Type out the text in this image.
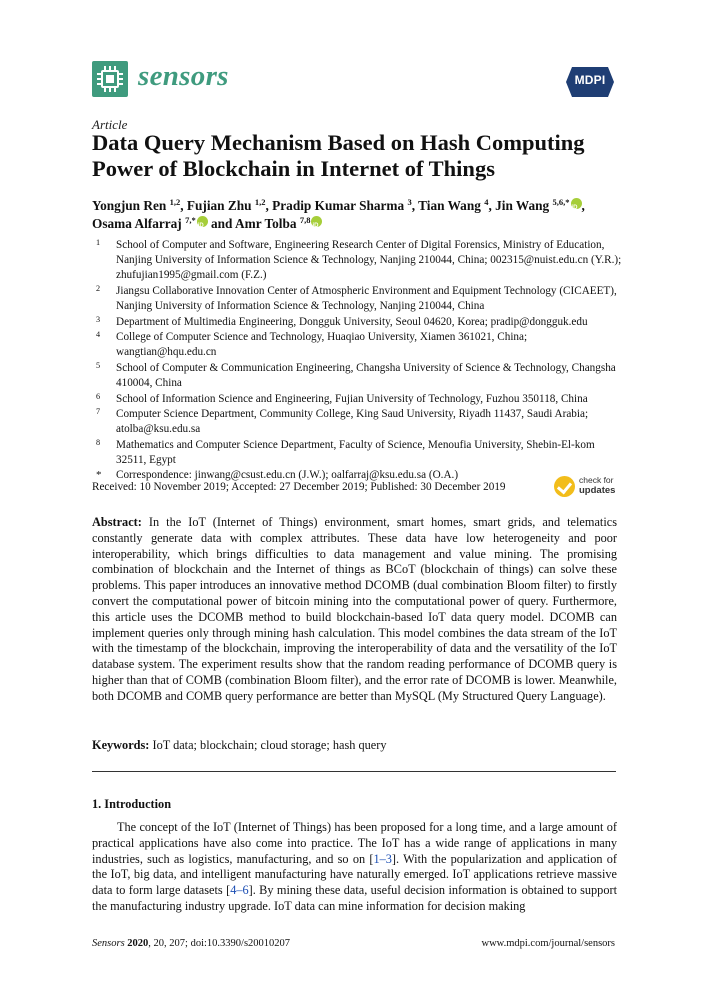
sensors	MDPI
Article
Data Query Mechanism Based on Hash Computing Power of Blockchain in Internet of Things
Yongjun Ren $^{1,2}$, Fujian Zhu $^{1,2}$, Pradip Kumar Sharma $^3$, Tian Wang $^4$, Jin Wang $^{5,6,*}$iD ,
Osama Alfarraj $^{7,*}$iD and Amr Tolba $^{7,8}$iD
1 School of Computer and Software, Engineering Research Center of Digital Forensics, Ministry of Education, Nanjing University of Information Science & Technology, Nanjing 210044, China; 002315@nuist.edu.cn (Y.R.); zhufujian1995@gmail.com (F.Z.)
2 Jiangsu Collaborative Innovation Center of Atmospheric Environment and Equipment Technology (CICAEET), Nanjing University of Information Science & Technology, Nanjing 210044, China
3 Department of Multimedia Engineering, Dongguk University, Seoul 04620, Korea; pradip@dongguk.edu
4 College of Computer Science and Technology, Huaqiao University, Xiamen 361021, China; wangtian@hqu.edu.cn
5 School of Computer & Communication Engineering, Changsha University of Science & Technology, Changsha 410004, China
6 School of Information Science and Engineering, Fujian University of Technology, Fuzhou 350118, China
7 Computer Science Department, Community College, King Saud University, Riyadh 11437, Saudi Arabia; atolba@ksu.edu.sa
8 Mathematics and Computer Science Department, Faculty of Science, Menoufia University, Shebin-El-kom 32511, Egypt
* Correspondence: jinwang@csust.edu.cn (J.W.); oalfarraj@ksu.edu.sa (O.A.)
Received: 10 November 2019; Accepted: 27 December 2019; Published: 30 December 2019
check for
updates
Abstract: In the IoT (Internet of Things) environment, smart homes, smart grids, and telematics constantly generate data with complex attributes. These data have low heterogeneity and poor interoperability, which brings difficulties to data management and value mining. The promising combination of blockchain and the Internet of things as BCoT (blockchain of things) can solve these problems. This paper introduces an innovative method DCOMB (dual combination Bloom filter) to firstly convert the computational power of bitcoin mining into the computational power of query. Furthermore, this article uses the DCOMB method to build blockchain-based IoT data query model. DCOMB can implement queries only through mining hash calculation. This model combines the data stream of the IoT with the timestamp of the blockchain, improving the interoperability of data and the versatility of the IoT database system. The experiment results show that the random reading performance of DCOMB query is higher than that of COMB (combination Bloom filter), and the error rate of DCOMB is lower. Meanwhile, both DCOMB and COMB query performance are better than MySQL (My Structured Query Language).
Keywords: IoT data; blockchain; cloud storage; hash query
1. Introduction

The concept of the IoT (Internet of Things) has been proposed for a long time, and a large amount of practical applications have also come into practice. The IoT has a wide range of applications in many industries, such as logistics, manufacturing, and so on [1–3]. With the popularization and application of the IoT, big data, and intelligent manufacturing have naturally emerged. IoT applications retrieve massive data to form large datasets [4–6]. By mining these data, useful decision information is obtained to support the manufacturing industry upgrade. IoT data can mine information for decision making

Sensors 2020, 20, 207; doi:10.3390/s20010207	www.mdpi.com/journal/sensors
